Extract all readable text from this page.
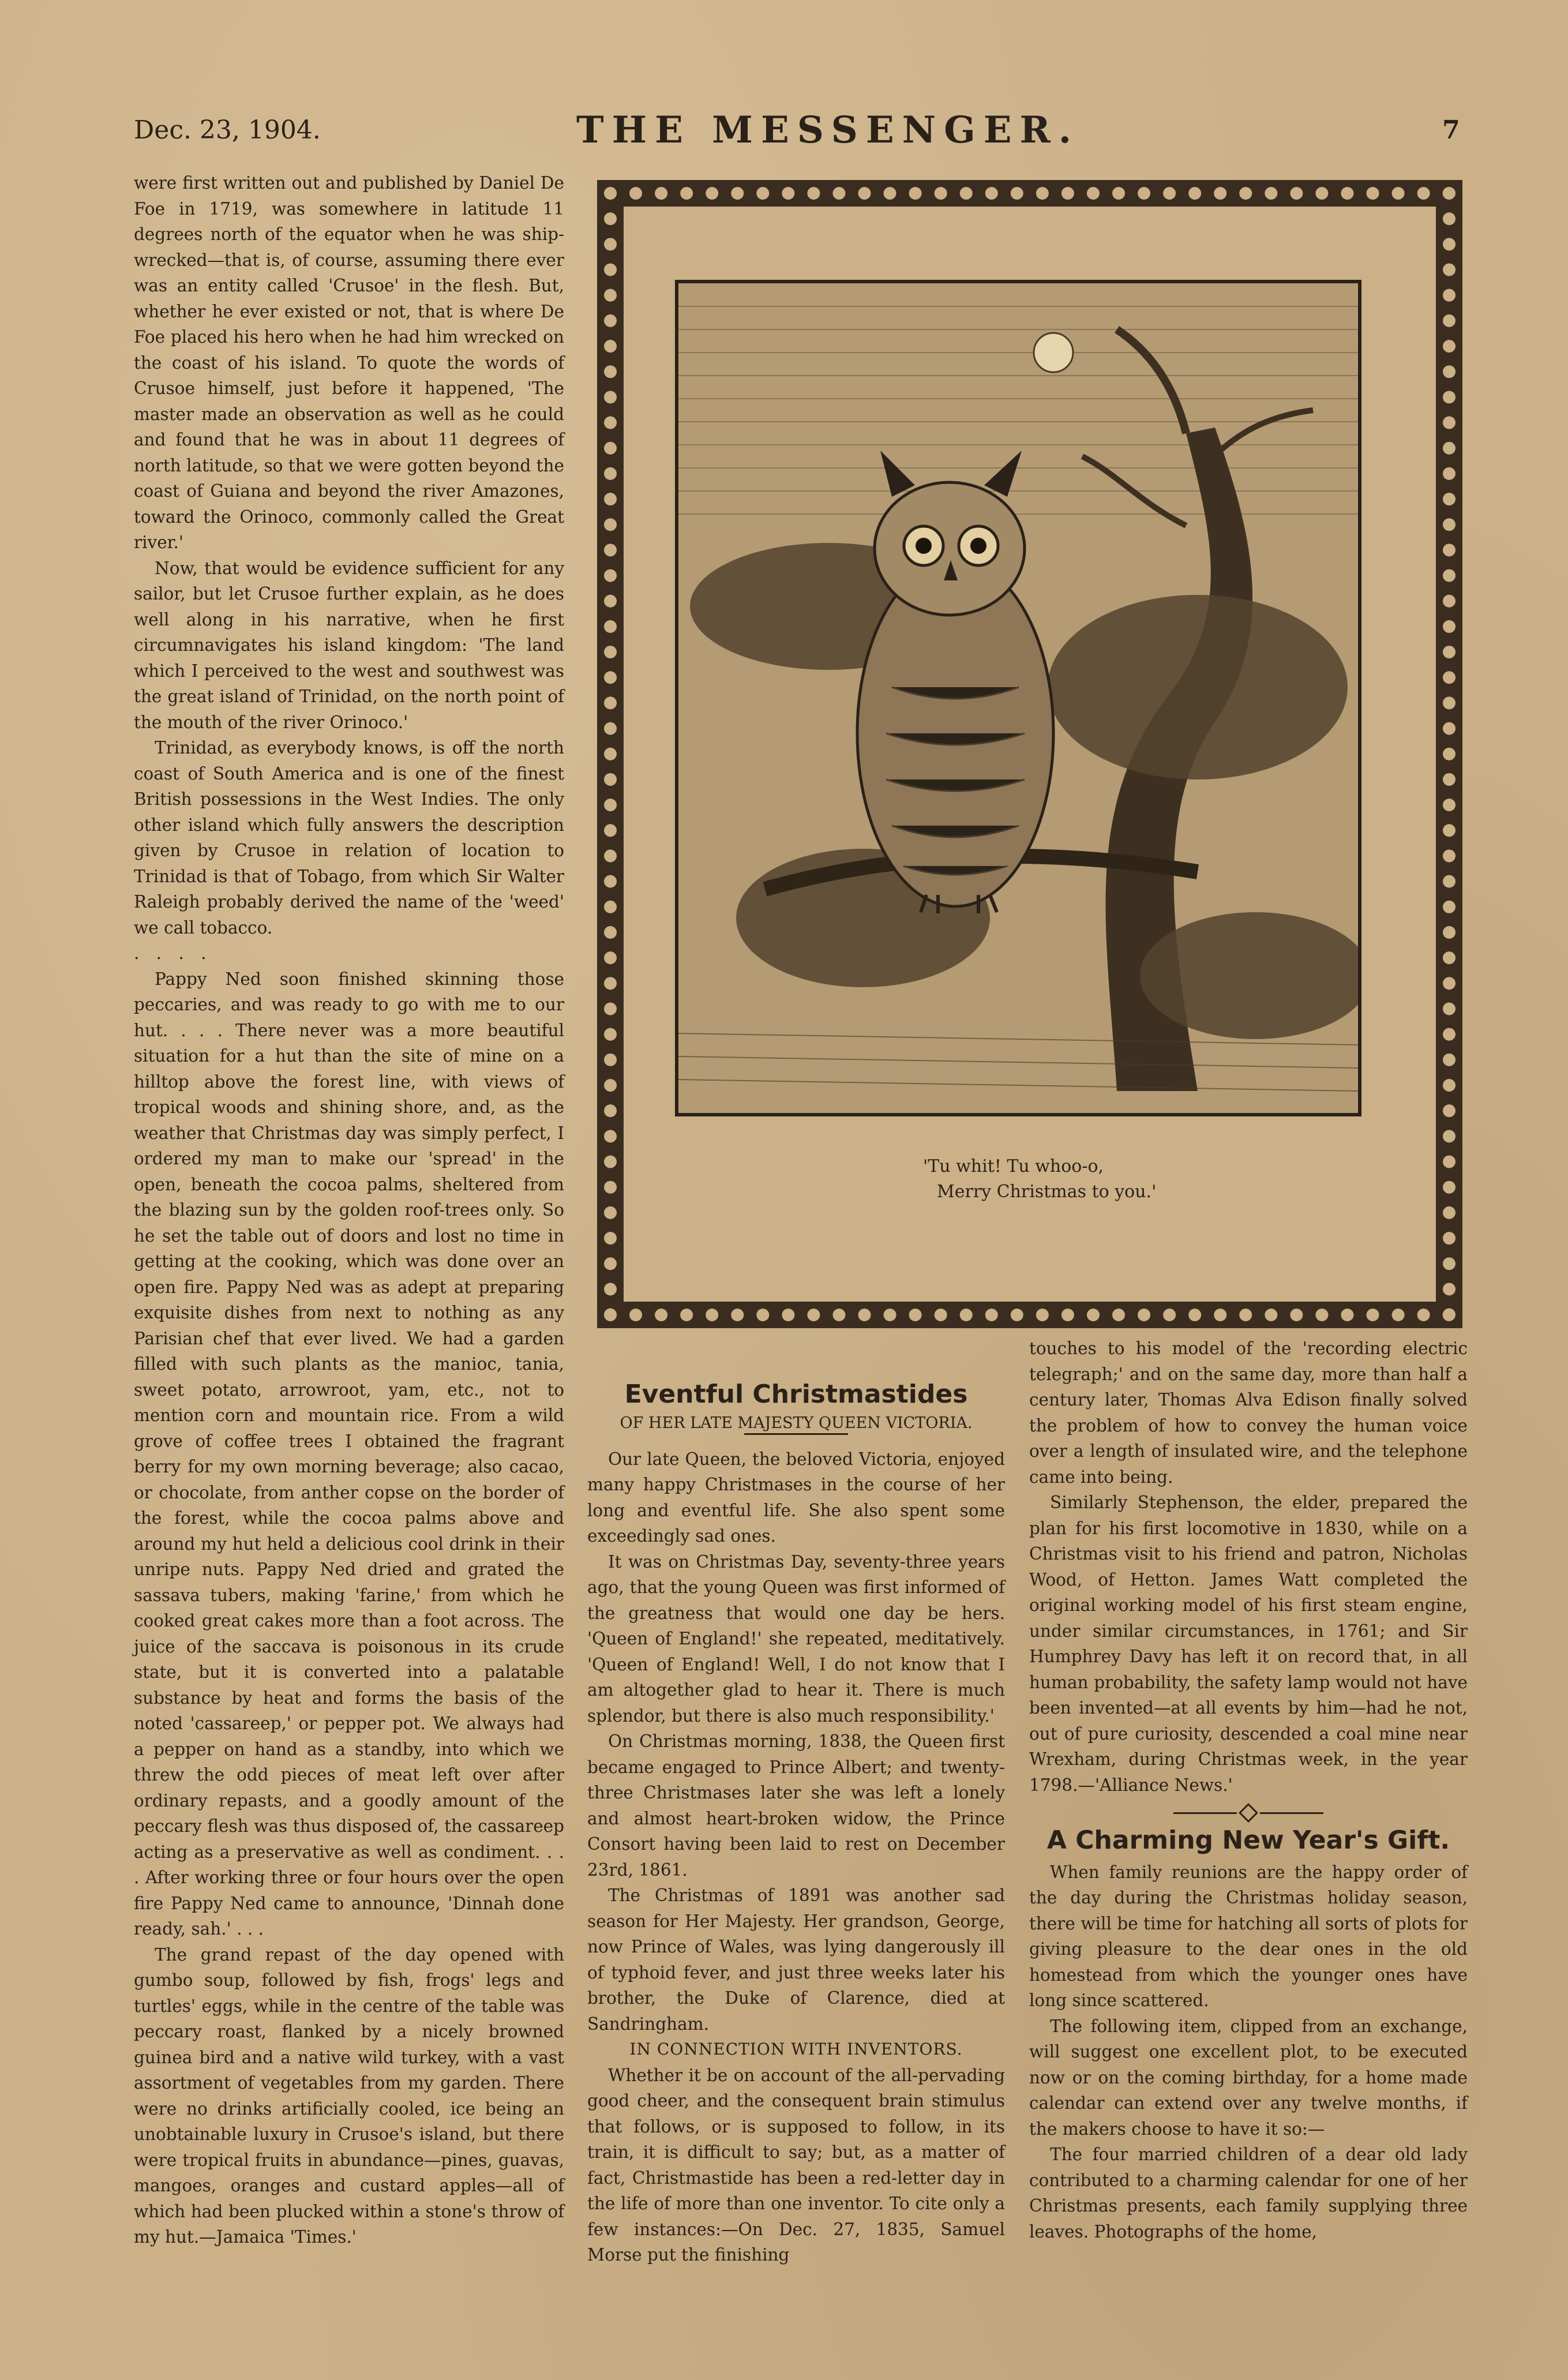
Dec. 23, 1904.	THE MESSENGER.	7

were first written out and published by Daniel De Foe in 1719, was somewhere in latitude 11 degrees north of the equator when he was ship-wrecked—that is, of course, assuming there ever was an entity called 'Crusoe' in the flesh. But, whether he ever existed or not, that is where De Foe placed his hero when he had him wrecked on the coast of his island. To quote the words of Crusoe himself, just before it happened, 'The master made an observation as well as he could and found that he was in about 11 degrees of north latitude, so that we were gotten beyond the coast of Guiana and beyond the river Amazones, toward the Orinoco, commonly called the Great river.'

Now, that would be evidence sufficient for any sailor, but let Crusoe further explain, as he does well along in his narrative, when he first circumnavigates his island kingdom: 'The land which I perceived to the west and southwest was the great island of Trinidad, on the north point of the mouth of the river Orinoco.'

Trinidad, as everybody knows, is off the north coast of South America and is one of the finest British possessions in the West Indies. The only other island which fully answers the description given by Crusoe in relation of location to Trinidad is that of Tobago, from which Sir Walter Raleigh probably derived the name of the 'weed' we call tobacco.

. . . .

Pappy Ned soon finished skinning those peccaries, and was ready to go with me to our hut. . . . There never was a more beautiful situation for a hut than the site of mine on a hilltop above the forest line, with views of tropical woods and shining shore, and, as the weather that Christmas day was simply perfect, I ordered my man to make our 'spread' in the open, beneath the cocoa palms, sheltered from the blazing sun by the golden roof-trees only. So he set the table out of doors and lost no time in getting at the cooking, which was done over an open fire. Pappy Ned was as adept at preparing exquisite dishes from next to nothing as any Parisian chef that ever lived. We had a garden filled with such plants as the manioc, tania, sweet potato, arrowroot, yam, etc., not to mention corn and mountain rice. From a wild grove of coffee trees I obtained the fragrant berry for my own morning beverage; also cacao, or chocolate, from anther copse on the border of the forest, while the cocoa palms above and around my hut held a delicious cool drink in their unripe nuts. Pappy Ned dried and grated the sassava tubers, making 'farine,' from which he cooked great cakes more than a foot across. The juice of the saccava is poisonous in its crude state, but it is converted into a palatable substance by heat and forms the basis of the noted 'cassareep,' or pepper pot. We always had a pepper on hand as a standby, into which we threw the odd pieces of meat left over after ordinary repasts, and a goodly amount of the peccary flesh was thus disposed of, the cassareep acting as a preservative as well as condiment. . . . After working three or four hours over the open fire Pappy Ned came to announce, 'Dinnah done ready, sah.' . . .

The grand repast of the day opened with gumbo soup, followed by fish, frogs' legs and turtles' eggs, while in the centre of the table was peccary roast, flanked by a nicely browned guinea bird and a native wild turkey, with a vast assortment of vegetables from my garden. There were no drinks artificially cooled, ice being an unobtainable luxury in Crusoe's island, but there were tropical fruits in abundance—pines, guavas, mangoes, oranges and custard apples—all of which had been plucked within a stone's throw of my hut.—Jamaica 'Times.'

'Tu whit! Tu whoo-o,
Merry Christmas to you.'
Eventful Christmastides

OF HER LATE MAJESTY QUEEN VICTORIA.

Our late Queen, the beloved Victoria, enjoyed many happy Christmases in the course of her long and eventful life. She also spent some exceedingly sad ones.

It was on Christmas Day, seventy-three years ago, that the young Queen was first informed of the greatness that would one day be hers. 'Queen of England!' she repeated, meditatively. 'Queen of England! Well, I do not know that I am altogether glad to hear it. There is much splendor, but there is also much responsibility.'

On Christmas morning, 1838, the Queen first became engaged to Prince Albert; and twenty-three Christmases later she was left a lonely and almost heart-broken widow, the Prince Consort having been laid to rest on December 23rd, 1861.

The Christmas of 1891 was another sad season for Her Majesty. Her grandson, George, now Prince of Wales, was lying dangerously ill of typhoid fever, and just three weeks later his brother, the Duke of Clarence, died at Sandringham.

IN CONNECTION WITH INVENTORS.

Whether it be on account of the all-pervading good cheer, and the consequent brain stimulus that follows, or is supposed to follow, in its train, it is difficult to say; but, as a matter of fact, Christmastide has been a red-letter day in the life of more than one inventor. To cite only a few instances:—On Dec. 27, 1835, Samuel Morse put the finishing

touches to his model of the 'recording electric telegraph;' and on the same day, more than half a century later, Thomas Alva Edison finally solved the problem of how to convey the human voice over a length of insulated wire, and the telephone came into being.

Similarly Stephenson, the elder, prepared the plan for his first locomotive in 1830, while on a Christmas visit to his friend and patron, Nicholas Wood, of Hetton. James Watt completed the original working model of his first steam engine, under similar circumstances, in 1761; and Sir Humphrey Davy has left it on record that, in all human probability, the safety lamp would not have been invented—at all events by him—had he not, out of pure curiosity, descended a coal mine near Wrexham, during Christmas week, in the year 1798.—'Alliance News.'

A Charming New Year's Gift.

When family reunions are the happy order of the day during the Christmas holiday season, there will be time for hatching all sorts of plots for giving pleasure to the dear ones in the old homestead from which the younger ones have long since scattered.

The following item, clipped from an exchange, will suggest one excellent plot, to be executed now or on the coming birthday, for a home made calendar can extend over any twelve months, if the makers choose to have it so:—

The four married children of a dear old lady contributed to a charming calendar for one of her Christmas presents, each family supplying three leaves. Photographs of the home,
